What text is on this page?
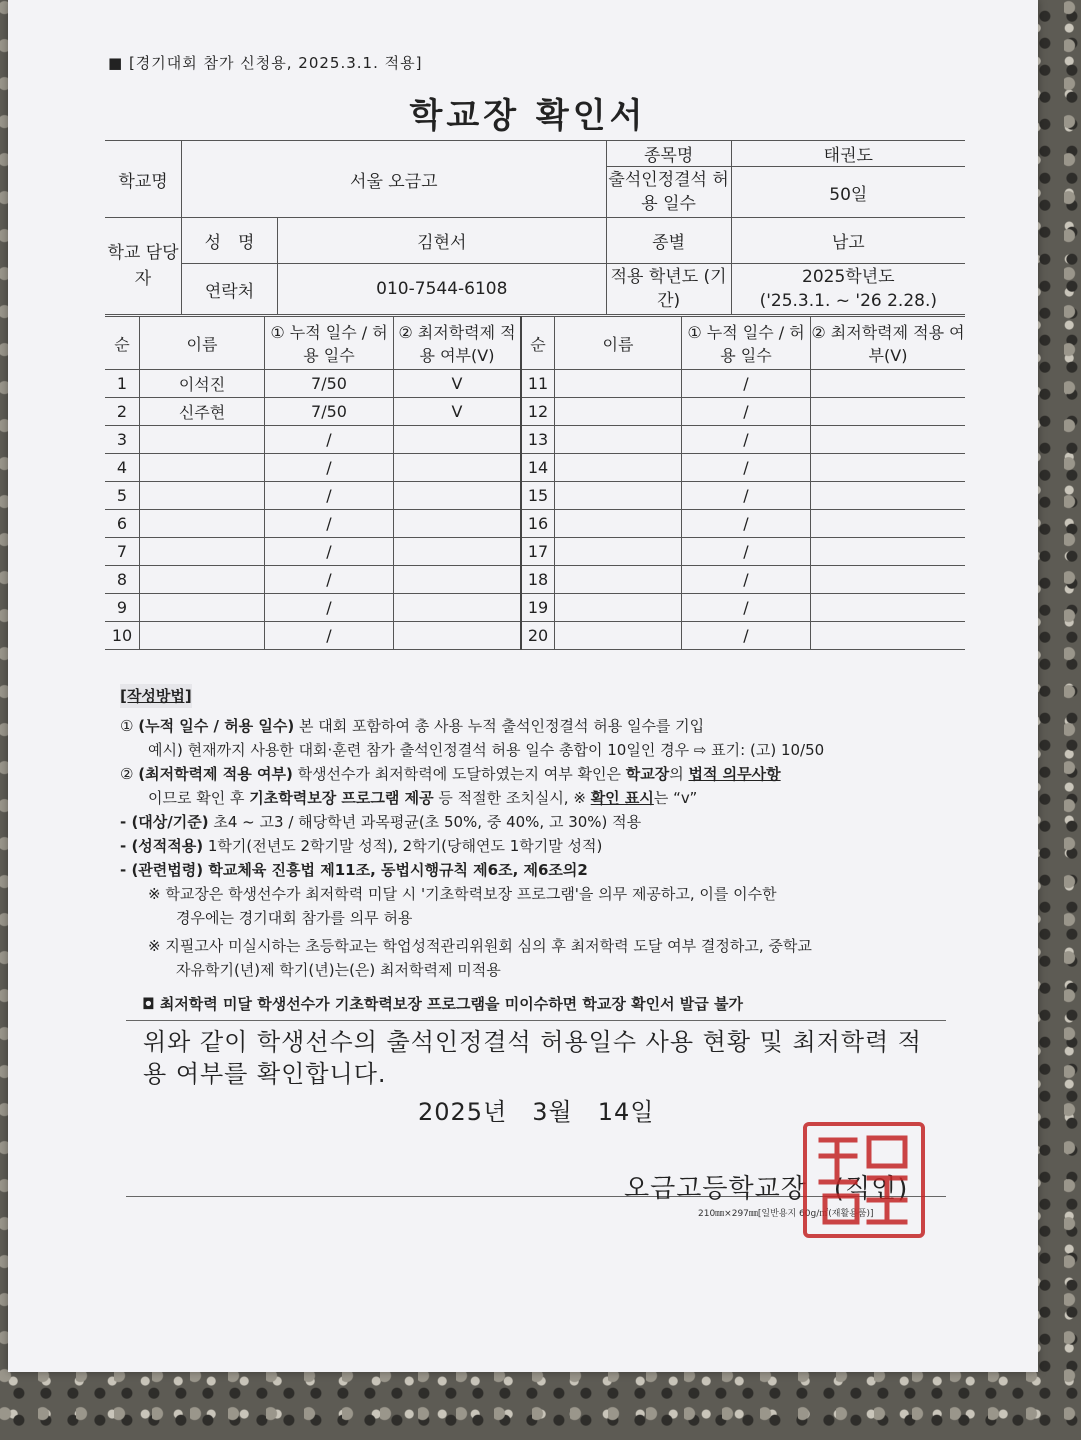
■ [경기대회 참가 신청용, 2025.3.1. 적용]
학교장 확인서
학교명	서울 오금고		종목명	태권도
			출석인정결석 허용 일수	50일

학교 담당자	성　명	김현서	종별	남고
	연락처	010-7544-6108	적용 학년도 (기간)	2025학년도
('25.3.1. ~ '26 2.28.)
순	이름	① 누적 일수 / 허용 일수	② 최저학력제 적용 여부(V)	순	이름	① 누적 일수 / 허용 일수	② 최저학력제 적용 여부(V)
1	이석진	7/50	V	11		/	
2	신주현	7/50	V	12		/	
3		/		13		/	
4		/		14		/	
5		/		15		/	
6		/		16		/	
7		/		17		/	
8		/		18		/	
9		/		19		/	
10		/		20		/	
[작성방법]

① (누적 일수 / 허용 일수) 본 대회 포함하여 총 사용 누적 출석인정결석 허용 일수를 기입

예시) 현재까지 사용한 대회·훈련 참가 출석인정결석 허용 일수 총합이 10일인 경우 ⇨ 표기: (고) 10/50

② (최저학력제 적용 여부) 학생선수가 최저학력에 도달하였는지 여부 확인은 학교장의 법적 의무사항

이므로 확인 후 기초학력보장 프로그램 제공 등 적절한 조치실시, ※ 확인 표시는 “v”

- (대상/기준) 초4 ~ 고3 / 해당학년 과목평균(초 50%, 중 40%, 고 30%) 적용

- (성적적용) 1학기(전년도 2학기말 성적), 2학기(당해연도 1학기말 성적)

- (관련법령) 학교체육 진흥법 제11조, 동법시행규칙 제6조, 제6조의2

※ 학교장은 학생선수가 최저학력 미달 시 '기초학력보장 프로그램'을 의무 제공하고, 이를 이수한

경우에는 경기대회 참가를 의무 허용

※ 지필고사 미실시하는 초등학교는 학업성적관리위원회 심의 후 최저학력 도달 여부 결정하고, 중학교

자유학기(년)제 학기(년)는(은) 최저학력제 미적용

◘ 최저학력 미달 학생선수가 기초학력보장 프로그램을 미이수하면 학교장 확인서 발급 불가

위와 같이 학생선수의 출석인정결석 허용일수 사용 현황 및 최저학력 적용 여부를 확인합니다.
2025년　3월　14일
오금고등학교장　(직인)
210㎜×297㎜[일반용지 60g/㎡(재활용품)]
